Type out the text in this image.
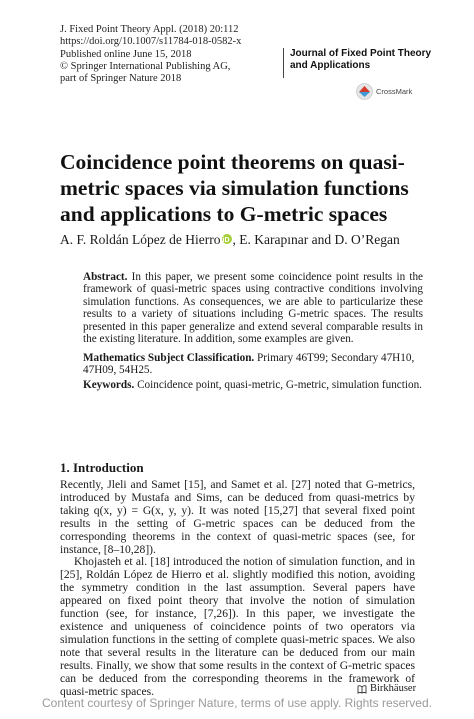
J. Fixed Point Theory Appl. (2018) 20:112
https://doi.org/10.1007/s11784-018-0582-x
Published online June 15, 2018
© Springer International Publishing AG,
part of Springer Nature 2018
Journal of Fixed Point Theory
and Applications
CrossMark
Coincidence point theorems on quasi-metric spaces via simulation functions and applications to G-metric spaces
A. F. Roldán López de HierroiD , E. Karapınar and D. O’Regan
Abstract. In this paper, we present some coincidence point results in the framework of quasi-metric spaces using contractive conditions involving simulation functions. As consequences, we are able to particularize these results to a variety of situations including G-metric spaces. The results presented in this paper generalize and extend several comparable results in the existing literature. In addition, some examples are given.
Mathematics Subject Classification. Primary 46T99; Secondary 47H10, 47H09, 54H25.
Keywords. Coincidence point, quasi-metric, G-metric, simulation function.
1. Introduction

Recently, Jleli and Samet [15], and Samet et al. [27] noted that G-metrics, introduced by Mustafa and Sims, can be deduced from quasi-metrics by taking q(x, y) = G(x, y, y). It was noted [15,27] that several fixed point results in the setting of G-metric spaces can be deduced from the corresponding theorems in the context of quasi-metric spaces (see, for instance, [8–10,28]).

Khojasteh et al. [18] introduced the notion of simulation function, and in [25], Roldán López de Hierro et al. slightly modified this notion, avoiding the symmetry condition in the last assumption. Several papers have appeared on fixed point theory that involve the notion of simulation function (see, for instance, [7,26]). In this paper, we investigate the existence and uniqueness of coincidence points of two operators via simulation functions in the setting of complete quasi-metric spaces. We also note that several results in the literature can be deduced from our main results. Finally, we show that some results in the context of G-metric spaces can be deduced from the corresponding theorems in the framework of quasi-metric spaces.	Birkhäuser
Content courtesy of Springer Nature, terms of use apply. Rights reserved.
